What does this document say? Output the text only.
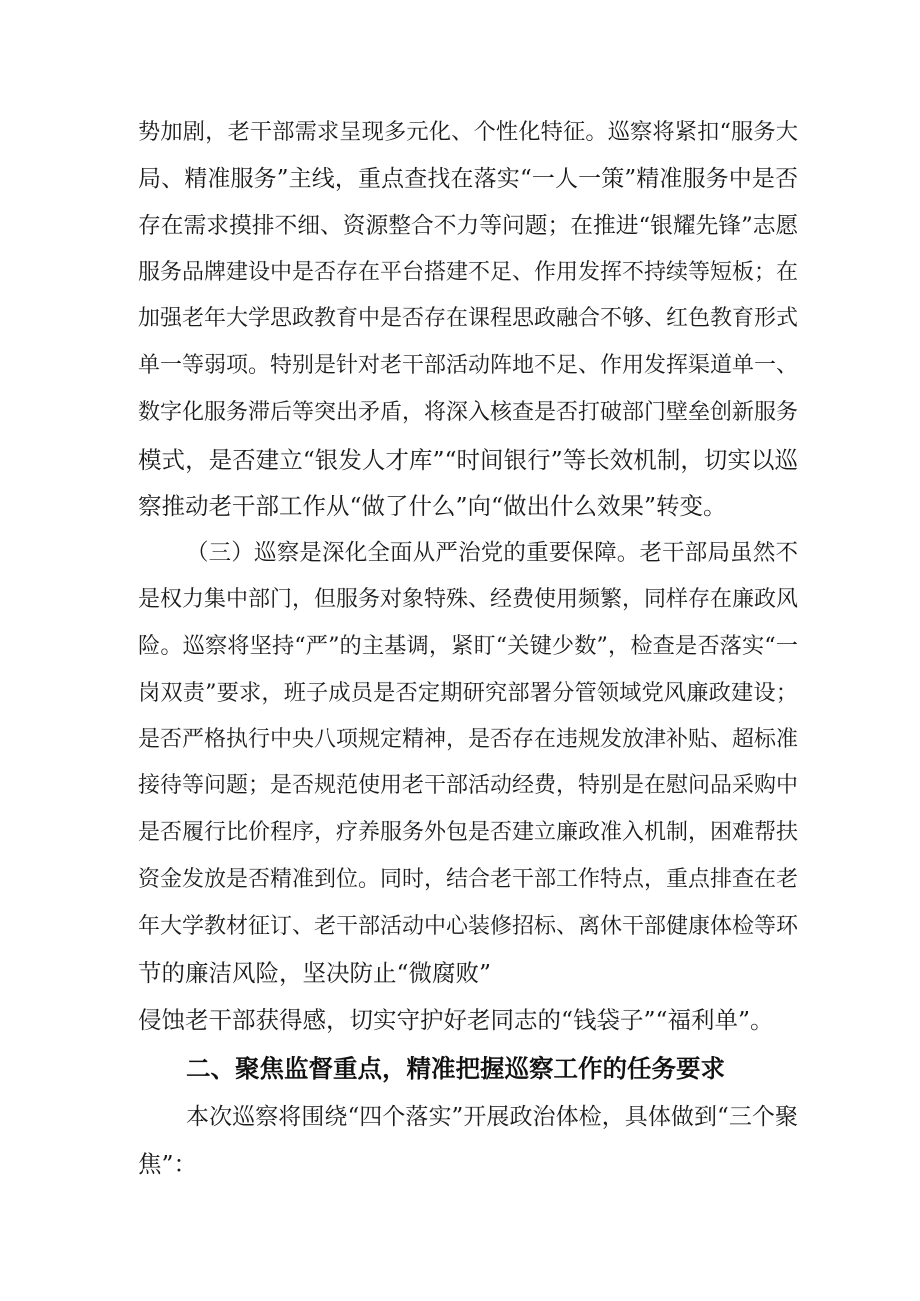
势加剧，老干部需求呈现多元化、个性化特征。巡察将紧扣“服务大
局、精准服务”主线，重点查找在落实“一人一策”精准服务中是否
存在需求摸排不细、资源整合不力等问题；在推进“银耀先锋”志愿
服务品牌建设中是否存在平台搭建不足、作用发挥不持续等短板；在
加强老年大学思政教育中是否存在课程思政融合不够、红色教育形式
单一等弱项。特别是针对老干部活动阵地不足、作用发挥渠道单一、
数字化服务滞后等突出矛盾，将深入核查是否打破部门壁垒创新服务
模式，是否建立“银发人才库”“时间银行”等长效机制，切实以巡
察推动老干部工作从“做了什么”向“做出什么效果”转变。
（三）巡察是深化全面从严治党的重要保障。老干部局虽然不
是权力集中部门，但服务对象特殊、经费使用频繁，同样存在廉政风
险。巡察将坚持“严”的主基调，紧盯“关键少数”，检查是否落实“一
岗双责”要求，班子成员是否定期研究部署分管领域党风廉政建设；
是否严格执行中央八项规定精神，是否存在违规发放津补贴、超标准
接待等问题；是否规范使用老干部活动经费，特别是在慰问品采购中
是否履行比价程序，疗养服务外包是否建立廉政准入机制，困难帮扶
资金发放是否精准到位。同时，结合老干部工作特点，重点排查在老
年大学教材征订、老干部活动中心装修招标、离休干部健康体检等环
节的廉洁风险，坚决防止“微腐败”
侵蚀老干部获得感，切实守护好老同志的“钱袋子”“福利单”。
二、聚焦监督重点，精准把握巡察工作的任务要求
本次巡察将围绕“四个落实”开展政治体检，具体做到“三个聚
焦”：
